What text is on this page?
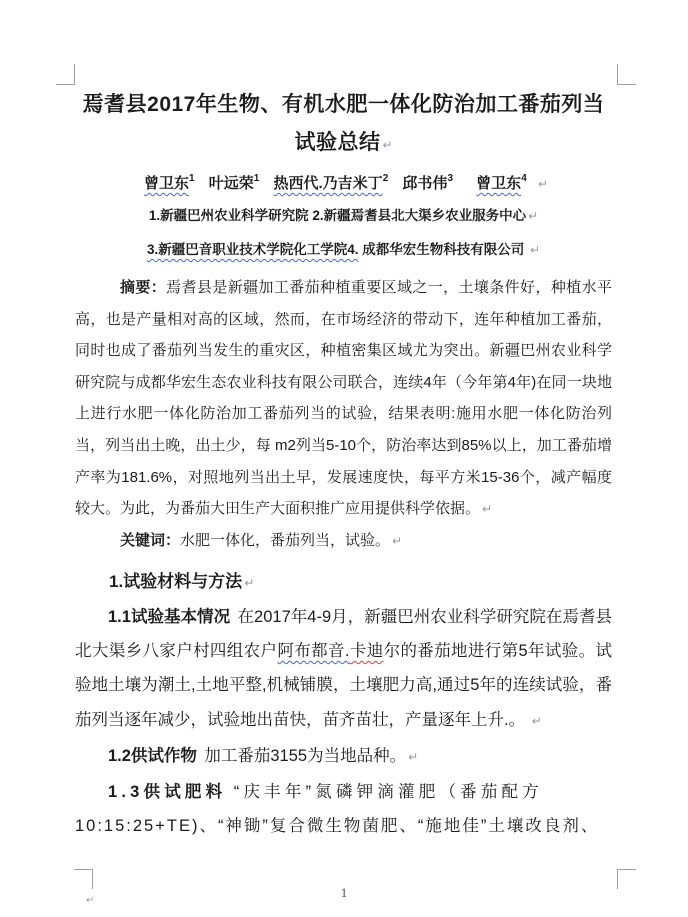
焉耆县2017年生物、有机水肥一体化防治加工番茄列当试验总结 ↵
曾卫东$^1$ 叶远荣$^1$ 热西代.乃吉米丁$^2$ 邱书伟$^3$ 曾卫东$^4$ ↵

1.新疆巴州农业科学研究院 2.新疆焉耆县北大渠乡农业服务中心 ↵

3.新疆巴音职业技术学院化工学院4. 成都华宏生物科技有限公司 ↵

摘要：焉耆县是新疆加工番茄种植重要区域之一，土壤条件好，种植水平高，也是产量相对高的区域，然而，在市场经济的带动下，连年种植加工番茄，同时也成了番茄列当发生的重灾区，种植密集区域尤为突出。新疆巴州农业科学研究院与成都华宏生态农业科技有限公司联合，连续4年（今年第4年)在同一块地上进行水肥一体化防治加工番茄列当的试验，结果表明:施用水肥一体化防治列当，列当出土晚，出土少，每 m2列当5-10个，防治率达到85%以上，加工番茄增产率为181.6%，对照地列当出土早，发展速度快，每平方米15-36个，减产幅度较大。为此，为番茄大田生产大面积推广应用提供科学依据。 ↵

关键词：水肥一体化，番茄列当，试验。 ↵

1.试验材料与方法 ↵

1.1试验基本情况 在2017年4-9月，新疆巴州农业科学研究院在焉耆县北大渠乡八家户村四组农户阿布都音.卡迪尔的番茄地进行第5年试验。试验地土壤为潮土,土地平整,机械铺膜，土壤肥力高,通过5年的连续试验，番茄列当逐年减少，试验地出苗快，苗齐苗壮，产量逐年上升.。 ↵

1.2供试作物 加工番茄3155为当地品种。 ↵

1.3供试肥料 “庆丰年”氮磷钾滴灌肥（番茄配方

10:15:25+TE)、“神锄”复合微生物菌肥、“施地佳”土壤改良剂、

↵
1
